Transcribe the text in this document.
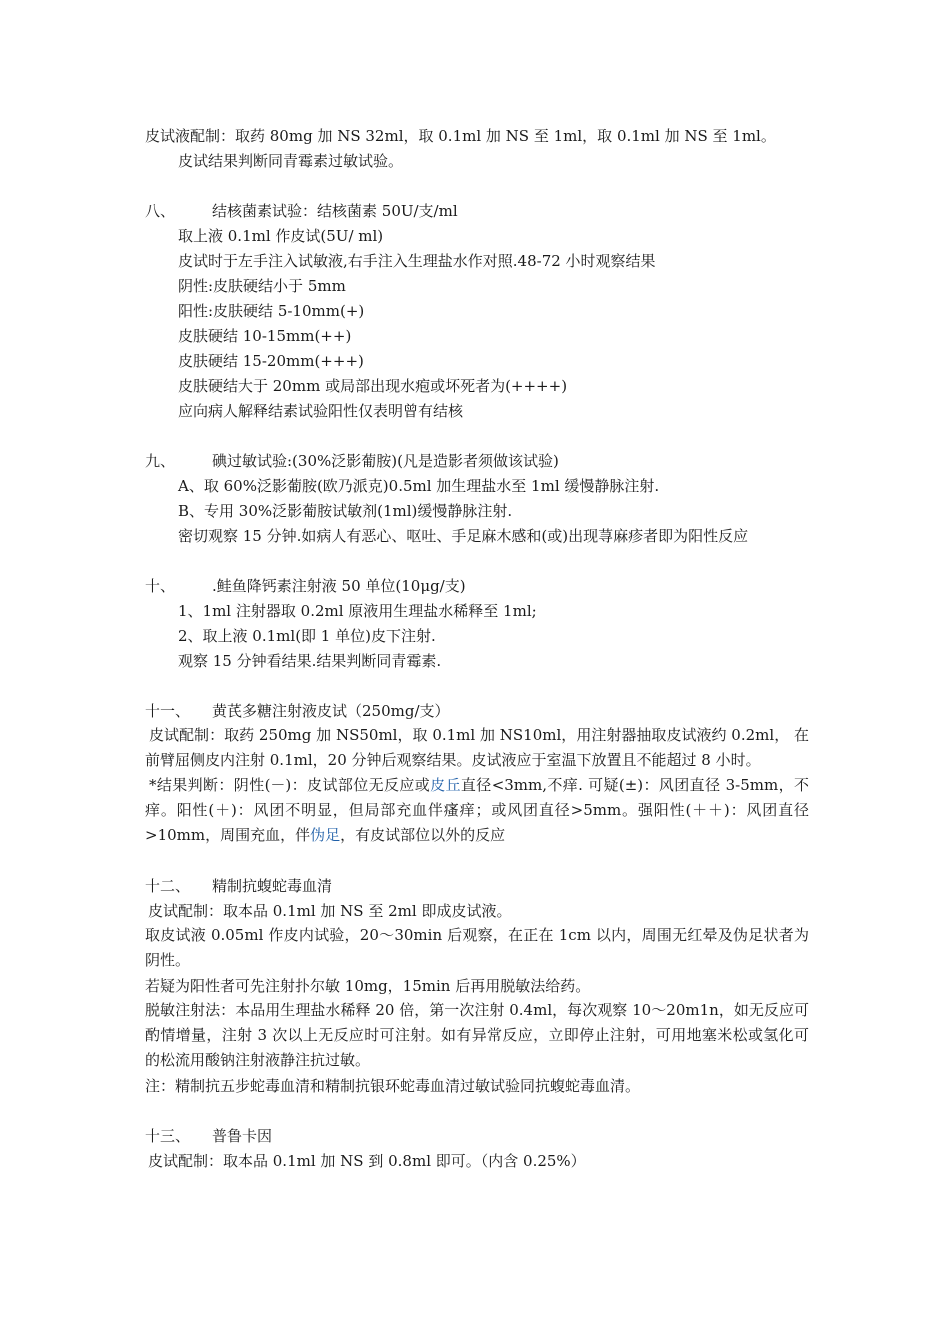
皮试液配制：取药 80mg 加 NS 32ml，取 0.1ml 加 NS 至 1ml，取 0.1ml 加 NS 至 1ml。
皮试结果判断同青霉素过敏试验。
八、 结核菌素试验：结核菌素 50U/支/ml
取上液 0.1ml 作皮试(5U/ ml)
皮试时于左手注入试敏液,右手注入生理盐水作对照.48-72 小时观察结果
阴性:皮肤硬结小于 5mm
阳性:皮肤硬结 5-10mm(+)
皮肤硬结 10-15mm(++)
皮肤硬结 15-20mm(+++)
皮肤硬结大于 20mm 或局部出现水疱或坏死者为(++++)
应向病人解释结素试验阳性仅表明曾有结核
九、 碘过敏试验:(30%泛影葡胺)(凡是造影者须做该试验)
A、取 60%泛影葡胺(欧乃派克)0.5ml 加生理盐水至 1ml 缓慢静脉注射.
B、专用 30%泛影葡胺试敏剂(1ml)缓慢静脉注射.
密切观察 15 分钟.如病人有恶心、呕吐、手足麻木感和(或)出现荨麻疹者即为阳性反应
十、 .鲑鱼降钙素注射液 50 单位(10μg/支)
1、1ml 注射器取 0.2ml 原液用生理盐水稀释至 1ml;
2、取上液 0.1ml(即 1 单位)皮下注射.
观察 15 分钟看结果.结果判断同青霉素.
十一、 黄芪多糖注射液皮试（250mg/支）
皮试配制：取药 250mg 加 NS50ml，取 0.1ml 加 NS10ml，用注射器抽取皮试液约 0.2ml， 在前臂屈侧皮内注射 0.1ml，20 分钟后观察结果。皮试液应于室温下放置且不能超过 8 小时。
*结果判断：阴性(－)：皮试部位无反应或皮丘直径<3mm,不痒. 可疑(±)：风团直径 3-5mm，不痒。阳性(＋)：风团不明显，但局部充血伴瘙痒；或风团直径>5mm。强阳性(＋＋)：风团直径>10mm，周围充血，伴伪足，有皮试部位以外的反应
十二、 精制抗蝮蛇毒血清
皮试配制：取本品 0.1ml 加 NS 至 2ml 即成皮试液。
取皮试液 0.05ml 作皮内试验，20～30min 后观察，在正在 1cm 以内，周围无红晕及伪足状者为阴性。
若疑为阳性者可先注射扑尔敏 10mg，15min 后再用脱敏法给药。
脱敏注射法：本品用生理盐水稀释 20 倍，第一次注射 0.4ml，每次观察 10～20m1n，如无反应可酌情增量，注射 3 次以上无反应时可注射。如有异常反应，立即停止注射，可用地塞米松或氢化可的松流用酸钠注射液静注抗过敏。
注：精制抗五步蛇毒血清和精制抗银环蛇毒血清过敏试验同抗蝮蛇毒血清。
十三、 普鲁卡因
皮试配制：取本品 0.1ml 加 NS 到 0.8ml 即可。（内含 0.25%）
